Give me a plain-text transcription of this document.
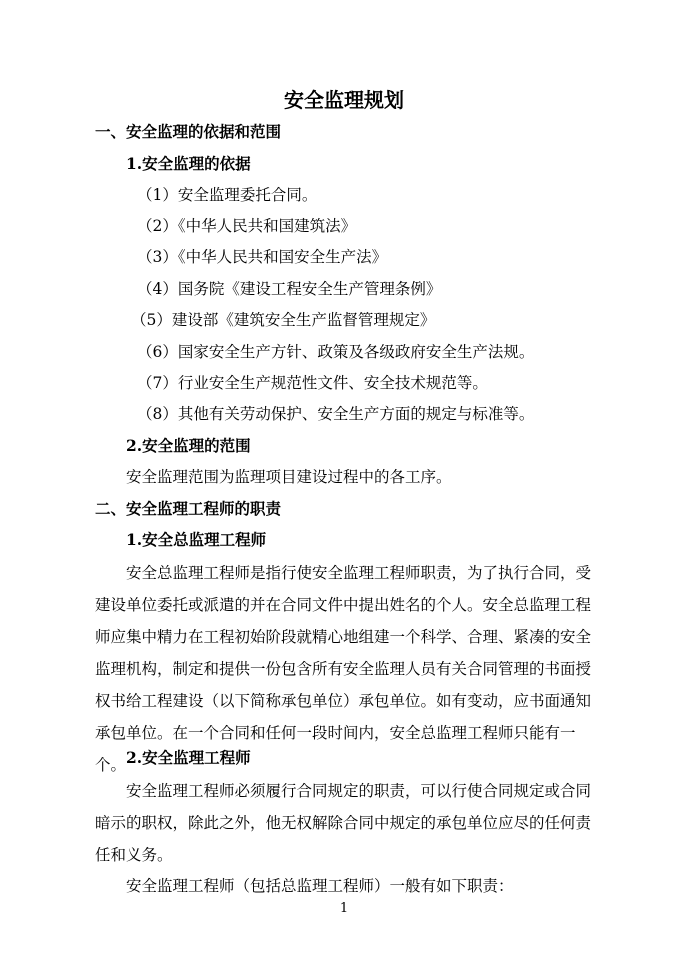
安全监理规划
一、安全监理的依据和范围
1.安全监理的依据
（1）安全监理委托合同。
（2）《中华人民共和国建筑法》
（3）《中华人民共和国安全生产法》
（4）国务院《建设工程安全生产管理条例》
（5）建设部《建筑安全生产监督管理规定》
（6）国家安全生产方针、政策及各级政府安全生产法规。
（7）行业安全生产规范性文件、安全技术规范等。
（8）其他有关劳动保护、安全生产方面的规定与标准等。
2.安全监理的范围
安全监理范围为监理项目建设过程中的各工序。
二、安全监理工程师的职责
1.安全总监理工程师
安全总监理工程师是指行使安全监理工程师职责，为了执行合同，受建设单位委托或派遣的并在合同文件中提出姓名的个人。安全总监理工程师应集中精力在工程初始阶段就精心地组建一个科学、合理、紧凑的安全监理机构，制定和提供一份包含所有安全监理人员有关合同管理的书面授权书给工程建设（以下简称承包单位）承包单位。如有变动，应书面通知承包单位。在一个合同和任何一段时间内，安全总监理工程师只能有一个。 2.安全监理工程师
安全监理工程师必须履行合同规定的职责，可以行使合同规定或合同暗示的职权，除此之外，他无权解除合同中规定的承包单位应尽的任何责任和义务。
安全监理工程师（包括总监理工程师）一般有如下职责：
1
